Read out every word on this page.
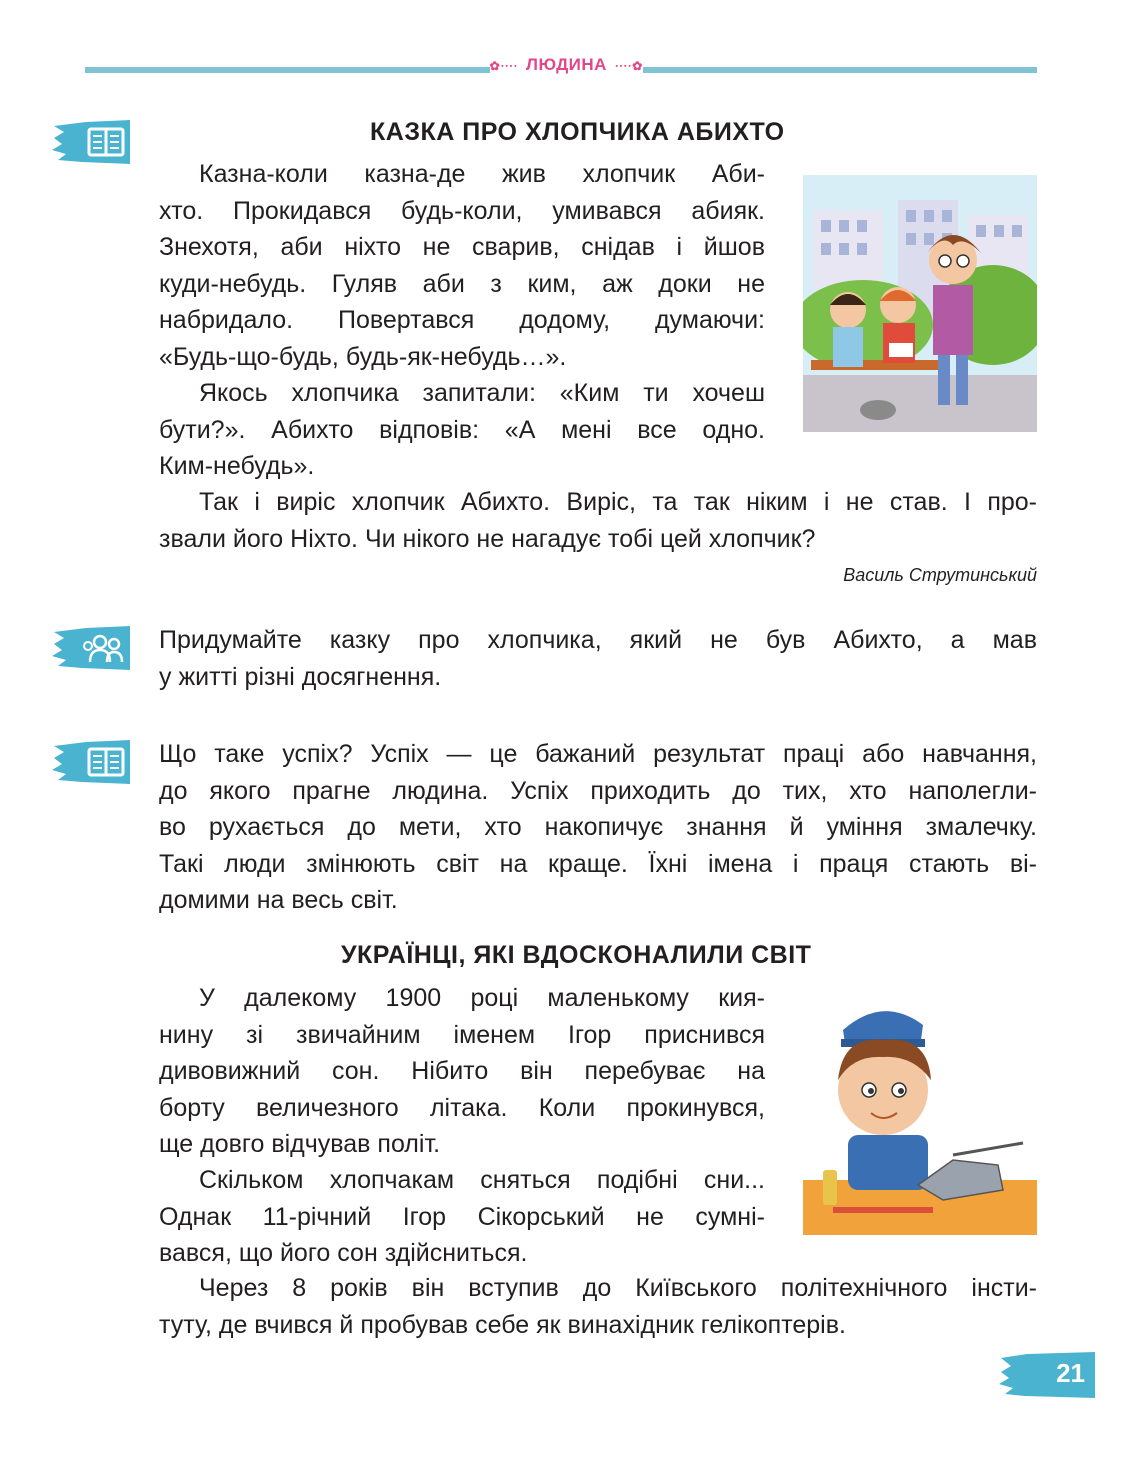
✿∙∙∙∙ ЛЮДИНА ∙∙∙∙✿
КАЗКА ПРО ХЛОПЧИКА АБИХТО
Казна-коли казна-де жив хлопчик Аби-
хто. Прокидався будь-коли, умивався абияк.
Знехотя, аби ніхто не сварив, снідав і йшов
куди-небудь. Гуляв аби з ким, аж доки не
набридало. Повертався додому, думаючи:
«Будь-що-будь, будь-як-небудь…».
Якось хлопчика запитали: «Ким ти хочеш
бути?». Абихто відповів: «А мені все одно.
Ким-небудь».
Так і виріс хлопчик Абихто. Виріс, та так ніким і не став. І про-
звали його Ніхто. Чи нікого не нагадує тобі цей хлопчик?
Василь Струтинський
Придумайте казку про хлопчика, який не був Абихто, а мав
у житті різні досягнення.
Що таке успіх? Успіх — це бажаний результат праці або навчання,
до якого прагне людина. Успіх приходить до тих, хто наполегли-
во рухається до мети, хто накопичує знання й уміння змалечку.
Такі люди змінюють світ на краще. Їхні імена і праця стають ві-
домими на весь світ.
УКРАЇНЦІ, ЯКІ ВДОСКОНАЛИЛИ СВІТ
У далекому 1900 році маленькому кия-
нину зі звичайним іменем Ігор приснився
дивовижний сон. Нібито він перебуває на
борту величезного літака. Коли прокинувся,
ще довго відчував політ.
Скільком хлопчакам сняться подібні сни...
Однак 11-річний Ігор Сікорський не сумні-
вався, що його сон здійсниться.
Через 8 років він вступив до Київського політехнічного інсти-
туту, де вчився й пробував себе як винахідник гелікоптерів.
21
